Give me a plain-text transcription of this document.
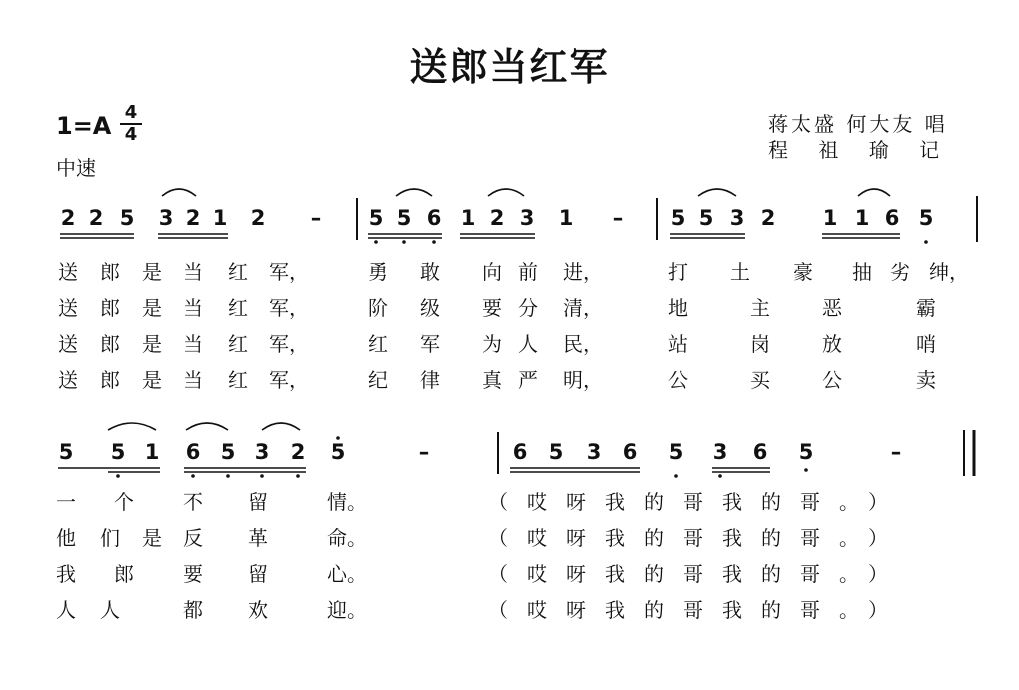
送郎当红军
1=A 4
4
中速
蒋太盛 何大友 唱
程 祖 瑜 记
2 2 5 3 2 1 2 – 5 5 6 1 2 3 1 – 5 5 3 2 1 1 6 5
送 郎 是 当 红 军，	勇 敢 向 前 进，	打 土 豪 抽 劣 绅，
送 郎 是 当 红 军，	阶 级 要 分 清，	地	主	恶	霸
送 郎 是 当 红 军，	红 军 为 人 民，	站	岗	放	哨
送 郎 是 当 红 军，	纪 律 真 严 明，	公	买	公	卖
5 5 1 6 5 3 2 5	–	6 5 3 6 5 3 6 5	–
一 个 不 留	情。	（哎呀我的哥我的哥。）
他 们 是 反 革	命。	（哎呀我的哥我的哥。）
我 郎 要 留	心。	（哎呀我的哥我的哥。）
人 人	都 欢	迎。	（哎呀我的哥我的哥。）
